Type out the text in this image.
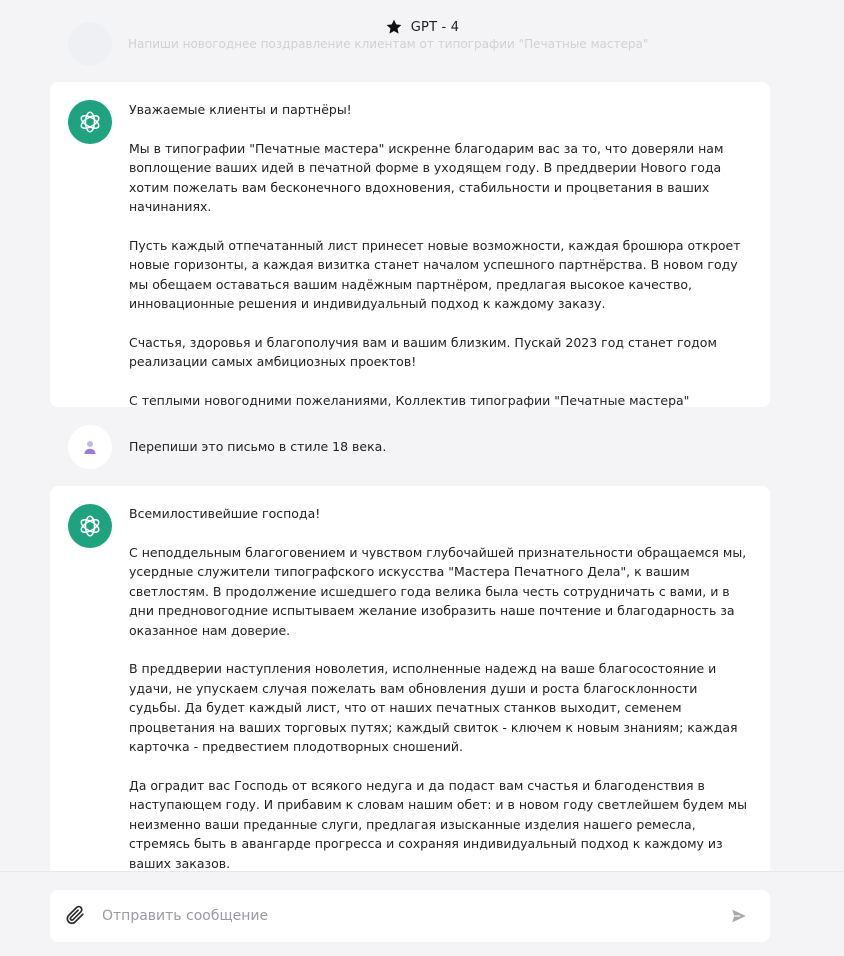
GPT - 4
Напиши новогоднее поздравление клиентам от типографии "Печатные мастера"

Уважаемые клиенты и партнёры!

Мы в типографии "Печатные мастера" искренне благодарим вас за то, что доверяли нам воплощение ваших идей в печатной форме в уходящем году. В преддверии Нового года хотим пожелать вам бесконечного вдохновения, стабильности и процветания в ваших начинаниях.

Пусть каждый отпечатанный лист принесет новые возможности, каждая брошюра откроет новые горизонты, а каждая визитка станет началом успешного партнёрства. В новом году мы обещаем оставаться вашим надёжным партнёром, предлагая высокое качество, инновационные решения и индивидуальный подход к каждому заказу.

Счастья, здоровья и благополучия вам и вашим близким. Пускай 2023 год станет годом реализации самых амбициозных проектов!

С теплыми новогодними пожеланиями, Коллектив типографии "Печатные мастера"

Перепиши это письмо в стиле 18 века.

Всемилостивейшие господа!

С неподдельным благоговением и чувством глубочайшей признательности обращаемся мы, усердные служители типографского искусства "Мастера Печатного Дела", к вашим светлостям. В продолжение исшедшего года велика была честь сотрудничать с вами, и в дни предновогодние испытываем желание изобразить наше почтение и благодарность за оказанное нам доверие.

В преддверии наступления новолетия, исполненные надежд на ваше благосостояние и удачи, не упускаем случая пожелать вам обновления души и роста благосклонности судьбы. Да будет каждый лист, что от наших печатных станков выходит, семенем процветания на ваших торговых путях; каждый свиток - ключем к новым знаниям; каждая карточка - предвестием плодотворных сношений.

Да оградит вас Господь от всякого недуга и да подаст вам счастья и благоденствия в наступающем году. И прибавим к словам нашим обет: и в новом году светлейшем будем мы неизменно ваши преданные слуги, предлагая изысканные изделия нашего ремесла, стремясь быть в авангарде прогресса и сохраняя индивидуальный подход к каждому из ваших заказов.

Отправить сообщение
